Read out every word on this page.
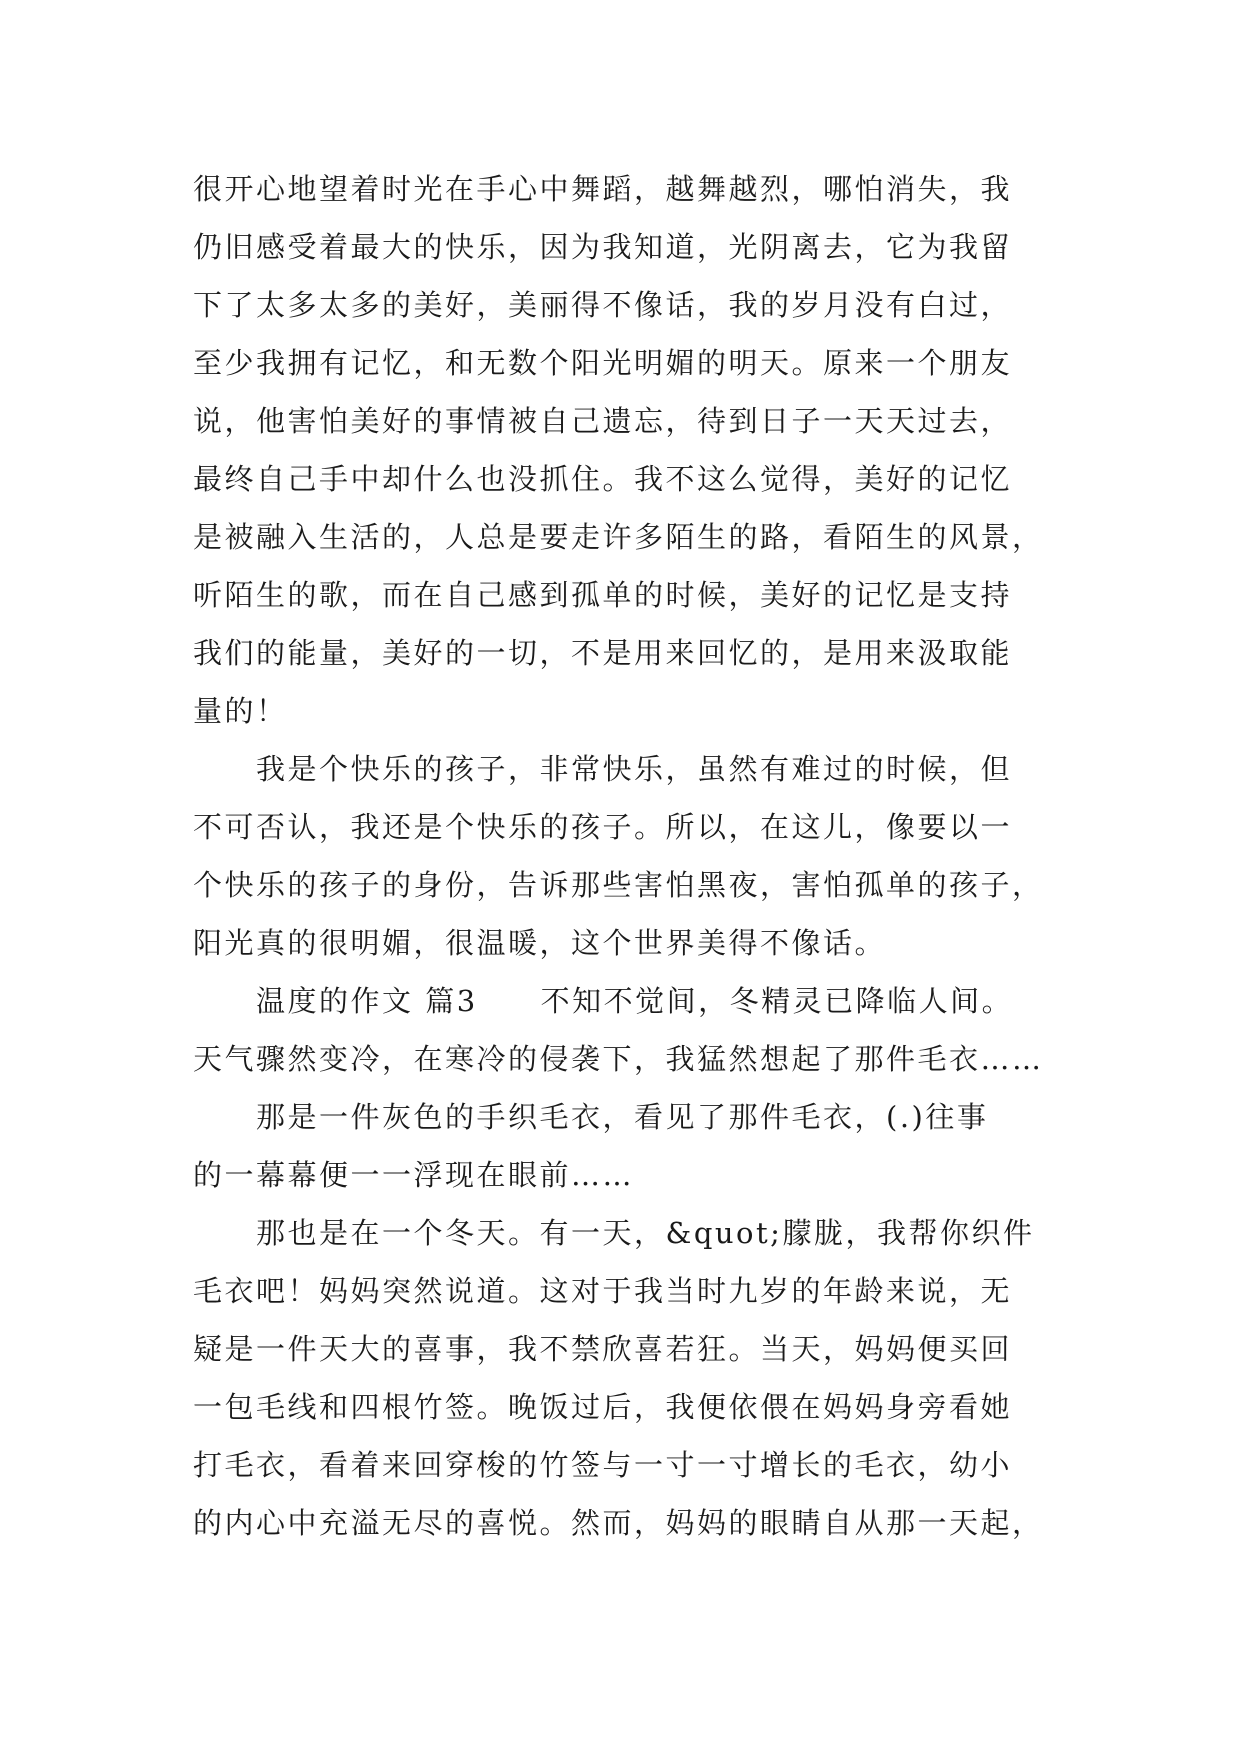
很开心地望着时光在手心中舞蹈，越舞越烈，哪怕消失，我
仍旧感受着最大的快乐，因为我知道，光阴离去，它为我留
下了太多太多的美好，美丽得不像话，我的岁月没有白过，
至少我拥有记忆，和无数个阳光明媚的明天。原来一个朋友
说，他害怕美好的事情被自己遗忘，待到日子一天天过去，
最终自己手中却什么也没抓住。我不这么觉得，美好的记忆
是被融入生活的，人总是要走许多陌生的路，看陌生的风景，
听陌生的歌，而在自己感到孤单的时候，美好的记忆是支持
我们的能量，美好的一切，不是用来回忆的，是用来汲取能
量的！
　　我是个快乐的孩子，非常快乐，虽然有难过的时候，但
不可否认，我还是个快乐的孩子。所以，在这儿，像要以一
个快乐的孩子的身份，告诉那些害怕黑夜，害怕孤单的孩子，
阳光真的很明媚，很温暖，这个世界美得不像话。
　　温度的作文 篇3　　不知不觉间，冬精灵已降临人间。
天气骤然变冷，在寒冷的侵袭下，我猛然想起了那件毛衣……
　　那是一件灰色的手织毛衣，看见了那件毛衣，(.)往事
的一幕幕便一一浮现在眼前……
　　那也是在一个冬天。有一天，&quot;朦胧，我帮你织件
毛衣吧！妈妈突然说道。这对于我当时九岁的年龄来说，无
疑是一件天大的喜事，我不禁欣喜若狂。当天，妈妈便买回
一包毛线和四根竹签。晚饭过后，我便依偎在妈妈身旁看她
打毛衣，看着来回穿梭的竹签与一寸一寸增长的毛衣，幼小
的内心中充溢无尽的喜悦。然而，妈妈的眼睛自从那一天起，
